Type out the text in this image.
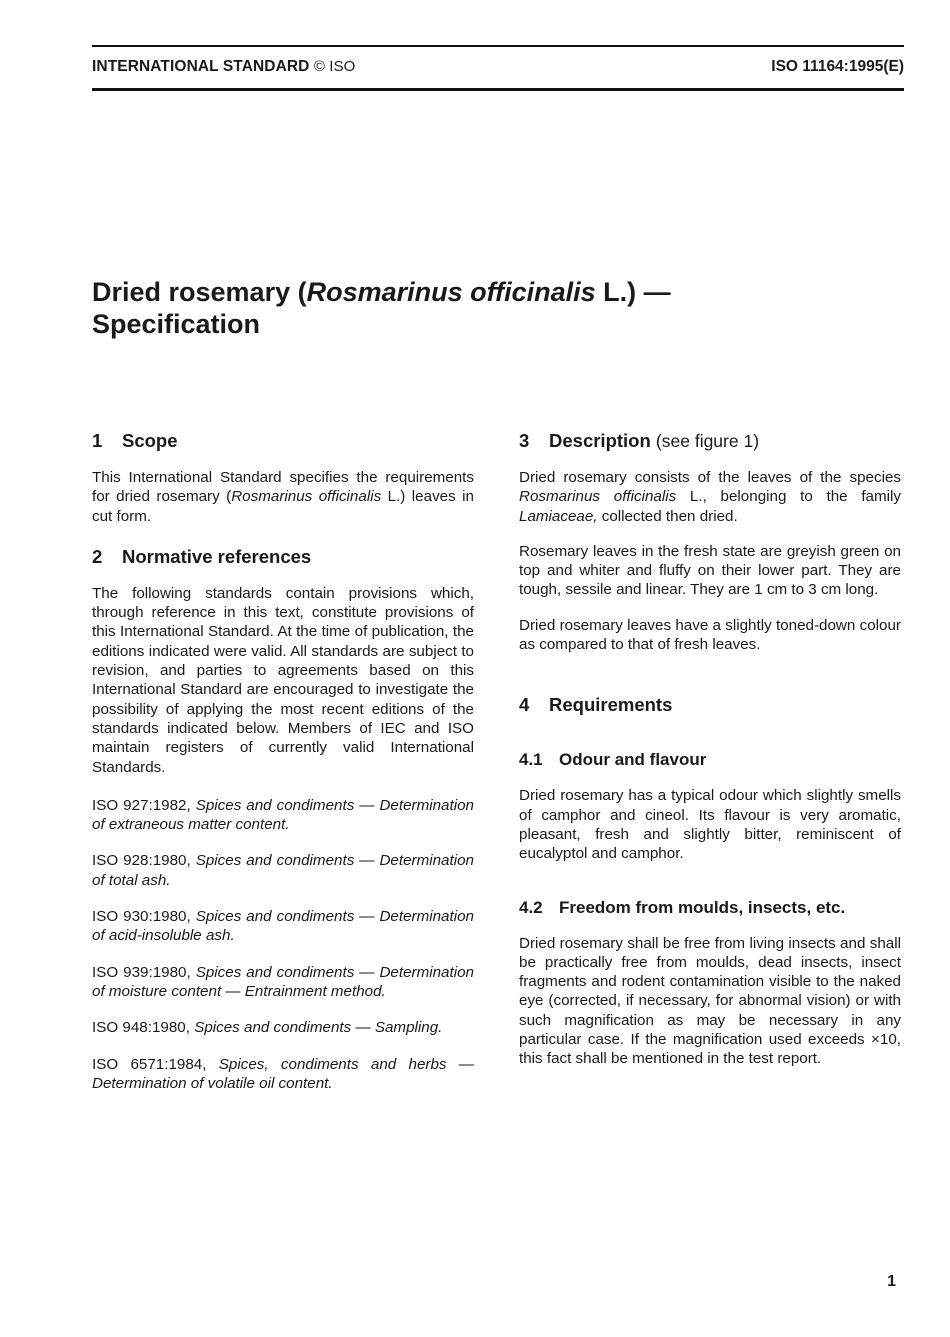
INTERNATIONAL STANDARD © ISO	ISO 11164:1995(E)
Dried rosemary (Rosmarinus officinalis L.) —
Specification
1 Scope

This International Standard specifies the requirements for dried rosemary (Rosmarinus officinalis L.) leaves in cut form.

2 Normative references

The following standards contain provisions which, through reference in this text, constitute provisions of this International Standard. At the time of publication, the editions indicated were valid. All standards are subject to revision, and parties to agreements based on this International Standard are encouraged to investigate the possibility of applying the most recent editions of the standards indicated below. Members of IEC and ISO maintain registers of currently valid International Standards.

ISO 927:1982, Spices and condiments — Determination of extraneous matter content.

ISO 928:1980, Spices and condiments — Determination of total ash.

ISO 930:1980, Spices and condiments — Determination of acid-insoluble ash.

ISO 939:1980, Spices and condiments — Determination of moisture content — Entrainment method.

ISO 948:1980, Spices and condiments — Sampling.

ISO 6571:1984, Spices, condiments and herbs — Determination of volatile oil content.

3 Description (see figure 1)

Dried rosemary consists of the leaves of the species Rosmarinus officinalis L., belonging to the family Lamiaceae, collected then dried.

Rosemary leaves in the fresh state are greyish green on top and whiter and fluffy on their lower part. They are tough, sessile and linear. They are 1 cm to 3 cm long.

Dried rosemary leaves have a slightly toned-down colour as compared to that of fresh leaves.

4 Requirements
4.1 Odour and flavour

Dried rosemary has a typical odour which slightly smells of camphor and cineol. Its flavour is very aromatic, pleasant, fresh and slightly bitter, reminiscent of eucalyptol and camphor.

4.2 Freedom from moulds, insects, etc.

Dried rosemary shall be free from living insects and shall be practically free from moulds, dead insects, insect fragments and rodent contamination visible to the naked eye (corrected, if necessary, for abnormal vision) or with such magnification as may be necessary in any particular case. If the magnification used exceeds ×10, this fact shall be mentioned in the test report.

1
